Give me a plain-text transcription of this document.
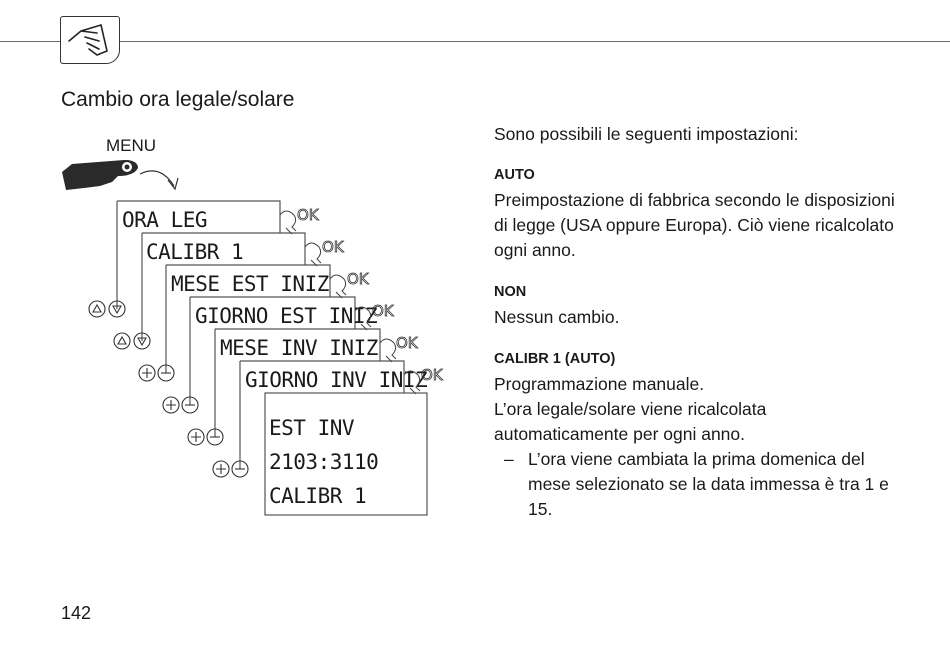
Cambio ora legale/solare
MENU
ORA LEG
CALIBR 1
MESE EST INIZ
GIORNO EST INIZ
MESE INV INIZ
GIORNO INV INIZ
EST INV
2103:3110
CALIBR 1
OK
OK
OK
OK
OK
OK

Sono possibili le seguenti impostazioni:

AUTO

Preimpostazione di fabbrica secondo le disposizioni di legge (USA oppure Europa). Ciò viene ricalcolato ogni anno.

NON

Nessun cambio.

CALIBR 1 (AUTO)

Programmazione manuale.

L’ora legale/solare viene ricalcolata automaticamente per ogni anno.

– L’ora viene cambiata la prima domenica del mese selezionato se la data immessa è tra 1 e 15.

142
